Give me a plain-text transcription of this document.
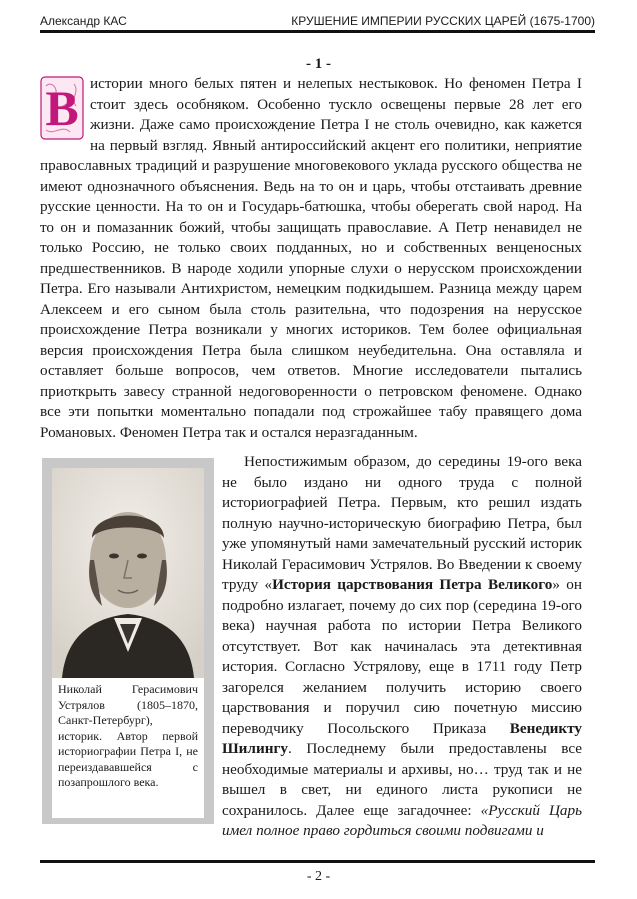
Александр КАС	КРУШЕНИЕ ИМПЕРИИ РУССКИХ ЦАРЕЙ (1675-1700)
- 1 -
В истории много белых пятен и нелепых нестыковок. Но феномен Петра I стоит здесь особняком. Особенно тускло освещены первые 28 лет его жизни. Даже само происхождение Петра I не столь очевидно, как кажется на первый взгляд. Явный антироссийский акцент его политики, неприятие православных традиций и разрушение многовекового уклада русского общества не имеют однозначного объяснения. Ведь на то он и царь, чтобы отстаивать древние русские ценности. На то он и Государь-батюшка, чтобы оберегать свой народ. На то он и помазанник божий, чтобы защищать православие. А Петр ненавидел не только Россию, не только своих подданных, но и собственных венценосных предшественников. В народе ходили упорные слухи о нерусском происхождении Петра. Его называли Антихристом, немецким подкидышем. Разница между царем Алексеем и его сыном была столь разительна, что подозрения на нерусское происхождение Петра возникали у многих историков. Тем более официальная версия происхождения Петра была слишком неубедительна. Она оставляла и оставляет больше вопросов, чем ответов. Многие исследователи пытались приоткрыть завесу странной недоговоренности о петровском феномене. Однако все эти попытки моментально попадали под строжайшее табу правящего дома Романовых. Феномен Петра так и остался неразгаданным.
Николай Герасимович Устрялов (1805–1870, Санкт-Петербург), историк. Автор первой историографии Петра I, не переиздававшейся с позапрошлого века.
Непостижимым образом, до середины 19-ого века не было издано ни одного труда с полной историографией Петра. Первым, кто решил издать полную научно-историческую биографию Петра, был уже упомянутый нами замечательный русский историк Николай Герасимович Устрялов. Во Введении к своему труду «История царствования Петра Великого» он подробно излагает, почему до сих пор (середина 19-ого века) научная работа по истории Петра Великого отсутствует. Вот как начиналась эта детективная история. Согласно Устрялову, еще в 1711 году Петр загорелся желанием получить историю своего царствования и поручил сию почетную миссию переводчику Посольского Приказа Венедикту Шилингу. Последнему были предоставлены все необходимые материалы и архивы, но… труд так и не вышел в свет, ни единого листа рукописи не сохранилось. Далее еще загадочнее: «Русский Царь имел полное право гордиться своими подвигами и
- 2 -
